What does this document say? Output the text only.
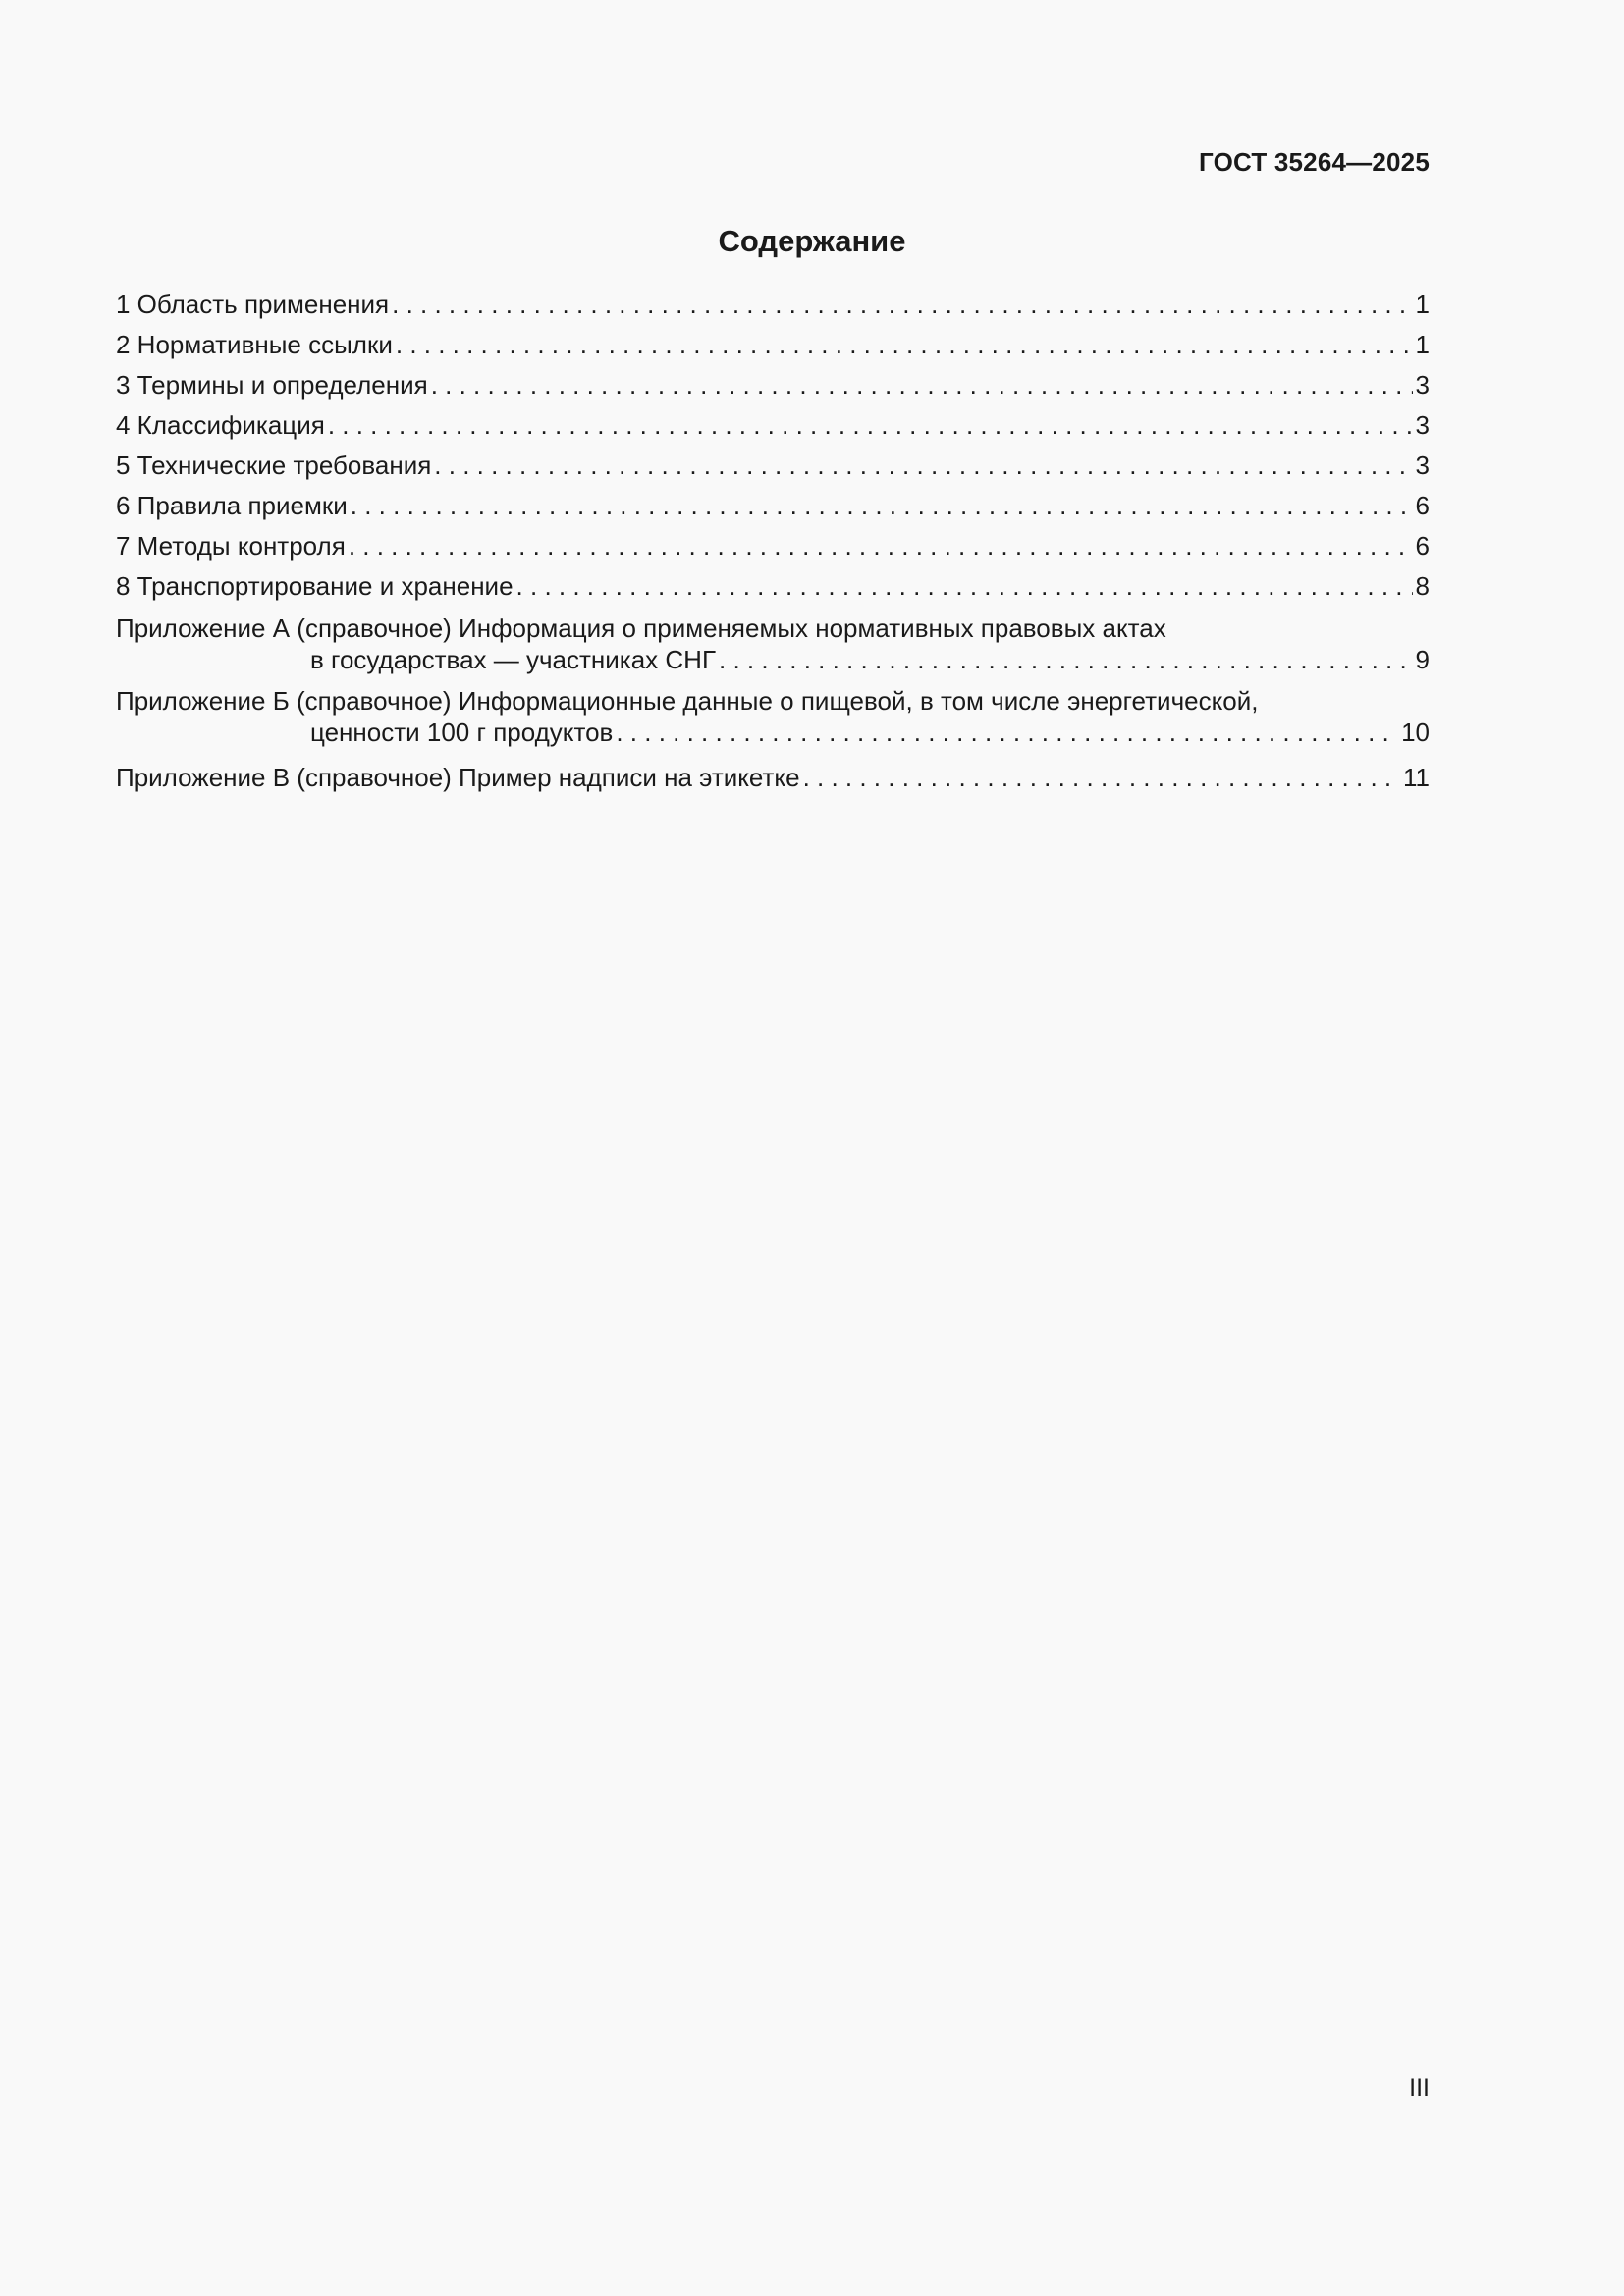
ГОСТ 35264—2025
Содержание
1 Область применения . . .	1
2 Нормативные ссылки . . .	1
3 Термины и определения . . .	3
4 Классификация . . .	3
5 Технические требования . . .	3
6 Правила приемки . . .	6
7 Методы контроля . . .	6
8 Транспортирование и хранение . . .	8
Приложение А (справочное) Информация о применяемых нормативных правовых актах
в государствах — участниках СНГ . . .	9
Приложение Б (справочное) Информационные данные о пищевой, в том числе энергетической,
ценности 100 г продуктов . . .	10
Приложение В (справочное) Пример надписи на этикетке . . .	11
III
